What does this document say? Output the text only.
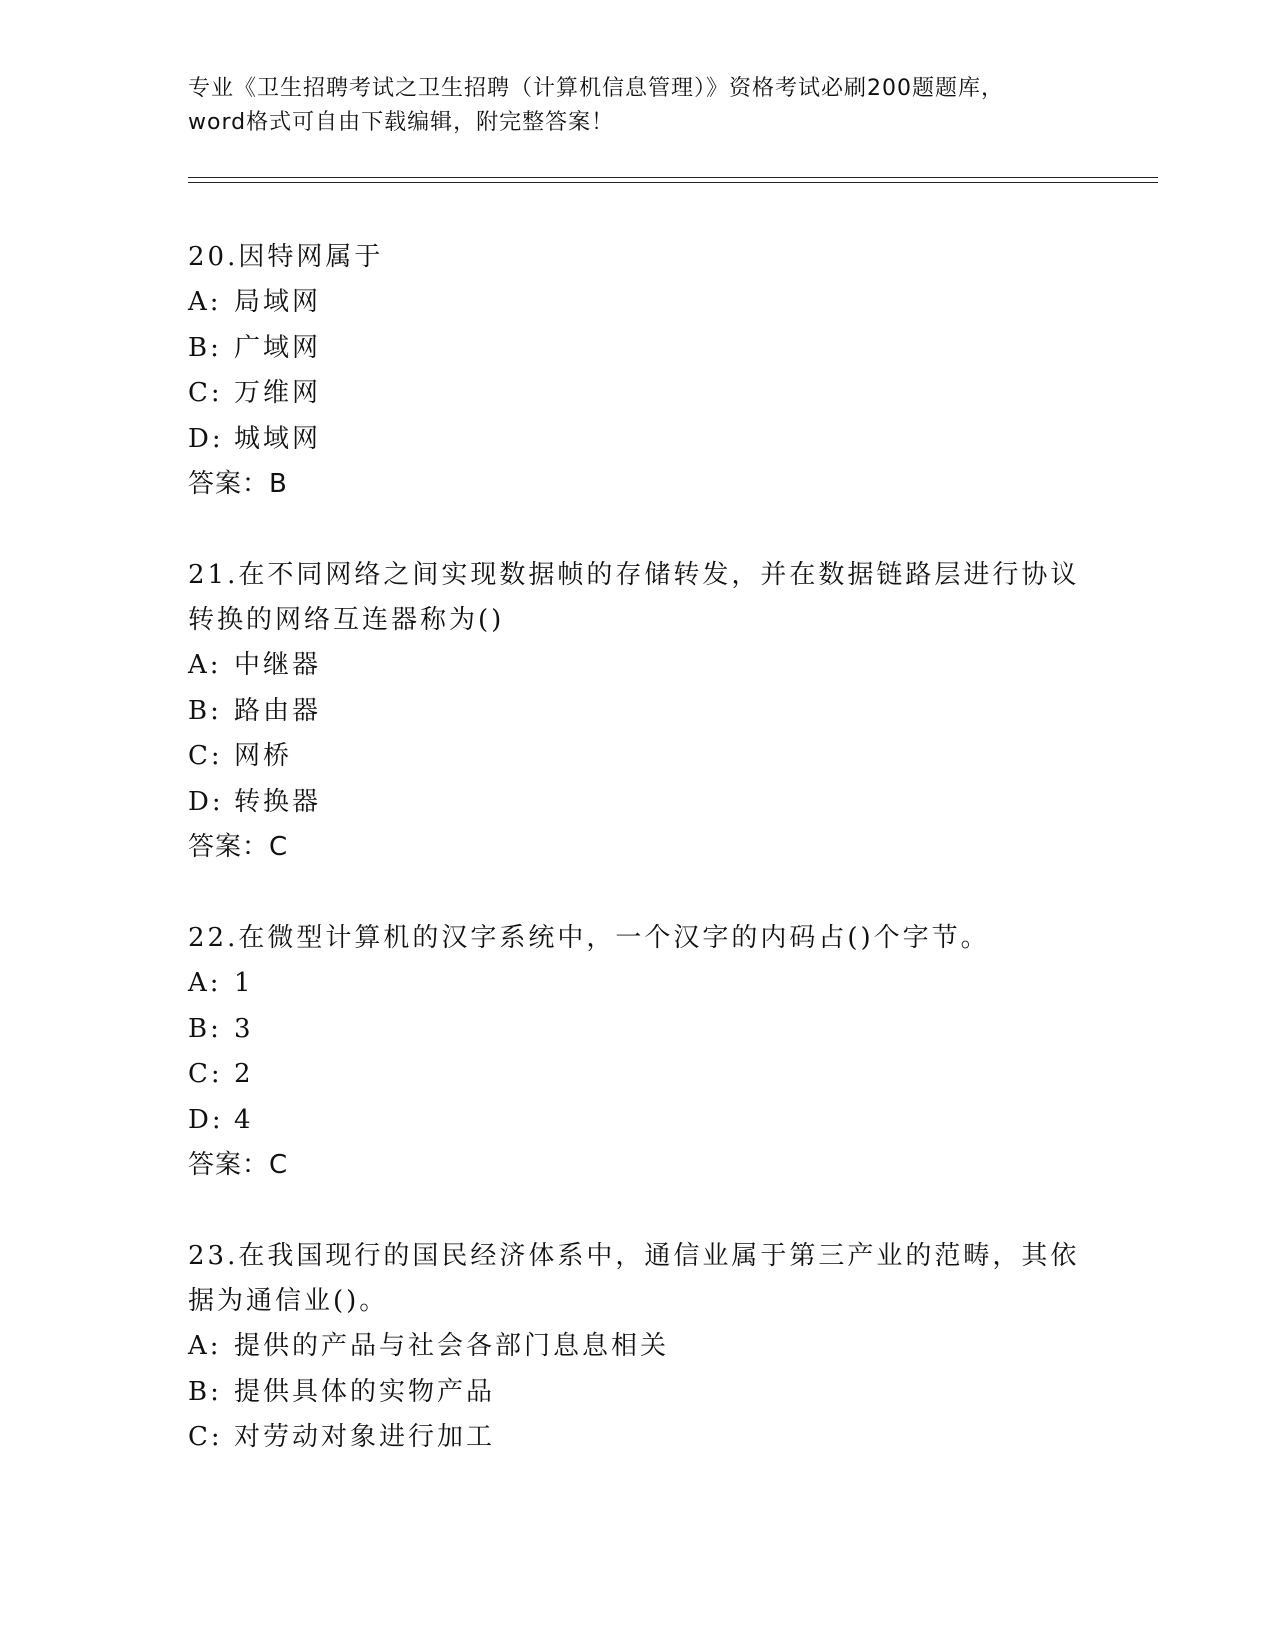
专业《卫生招聘考试之卫生招聘（计算机信息管理）》资格考试必刷200题题库，
word格式可自由下载编辑，附完整答案！

20.因特网属于

A: 局域网

B: 广域网

C: 万维网

D: 城域网

答案：B

21.在不同网络之间实现数据帧的存储转发，并在数据链路层进行协议转换的网络互连器称为()

A: 中继器

B: 路由器

C: 网桥

D: 转换器

答案：C

22.在微型计算机的汉字系统中，一个汉字的内码占()个字节。

A: 1

B: 3

C: 2

D: 4

答案：C

23.在我国现行的国民经济体系中，通信业属于第三产业的范畴，其依据为通信业()。

A: 提供的产品与社会各部门息息相关

B: 提供具体的实物产品

C: 对劳动对象进行加工
